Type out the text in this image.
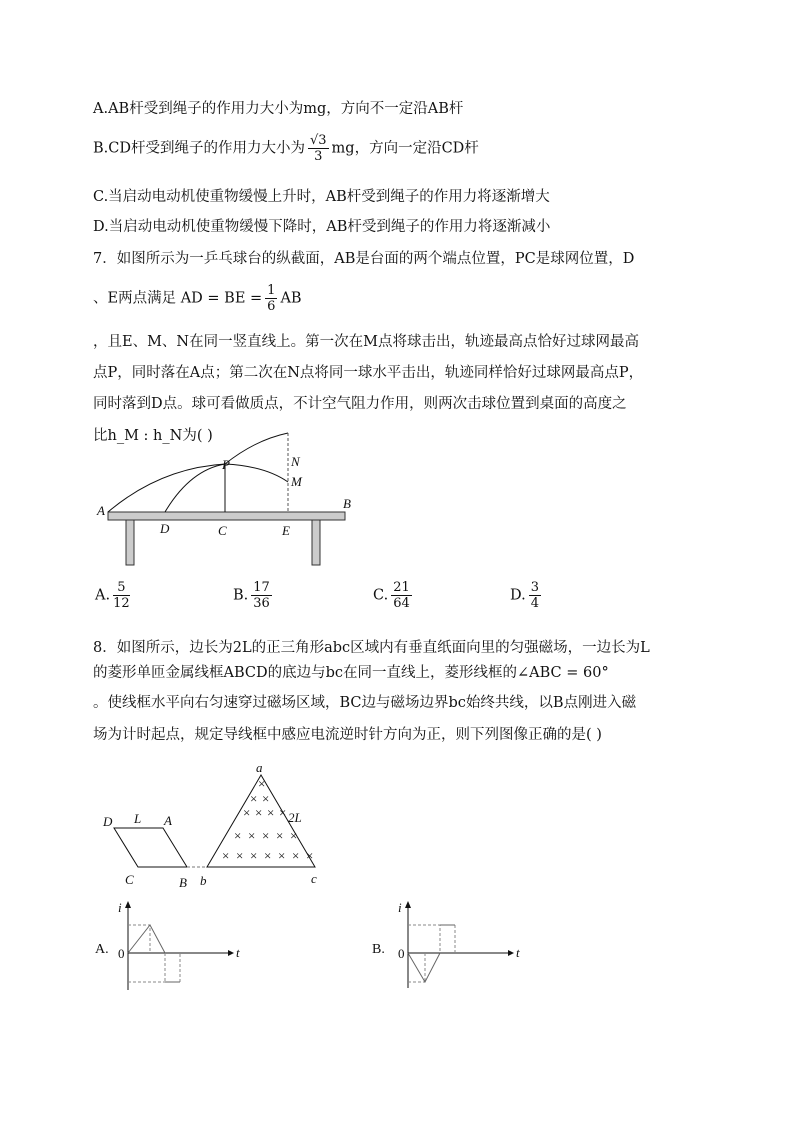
A.AB杆受到绳子的作用力大小为mg，方向不一定沿AB杆
B.CD杆受到绳子的作用力大小为 $\frac{√3}{3}$ mg，方向一定沿CD杆
C.当启动电动机使重物缓慢上升时，AB杆受到绳子的作用力将逐渐增大
D.当启动电动机使重物缓慢下降时，AB杆受到绳子的作用力将逐渐减小
7．如图所示为一乒乓球台的纵截面，AB是台面的两个端点位置，PC是球网位置，D
、E两点满足 AD = BE = $\frac{1}{6}$ AB
，且E、M、N在同一竖直线上。第一次在M点将球击出，轨迹最高点恰好过球网最高
点P，同时落在A点；第二次在N点将同一球水平击出，轨迹同样恰好过球网最高点P，
同时落到D点。球可看做质点，不计空气阻力作用，则两次击球位置到桌面的高度之
比h_M : h_N为( )
A	B
D	C	E
P	N
M
×
× ×
× × × ×
× × × × ×
× × × × × × ×
D L A
C	B b	c
a
2L
i
t
0
A.
i
t
0
B.
A. $\frac{5}{12}$	B. $\frac{17}{36}$	C. $\frac{21}{64}$	D. $\frac{3}{4}$
8．如图所示，边长为2L的正三角形abc区域内有垂直纸面向里的匀强磁场，一边长为L
的菱形单匝金属线框ABCD的底边与bc在同一直线上，菱形线框的∠ABC = 60°
。使线框水平向右匀速穿过磁场区域，BC边与磁场边界bc始终共线，以B点刚进入磁
场为计时起点，规定导线框中感应电流逆时针方向为正，则下列图像正确的是( )
